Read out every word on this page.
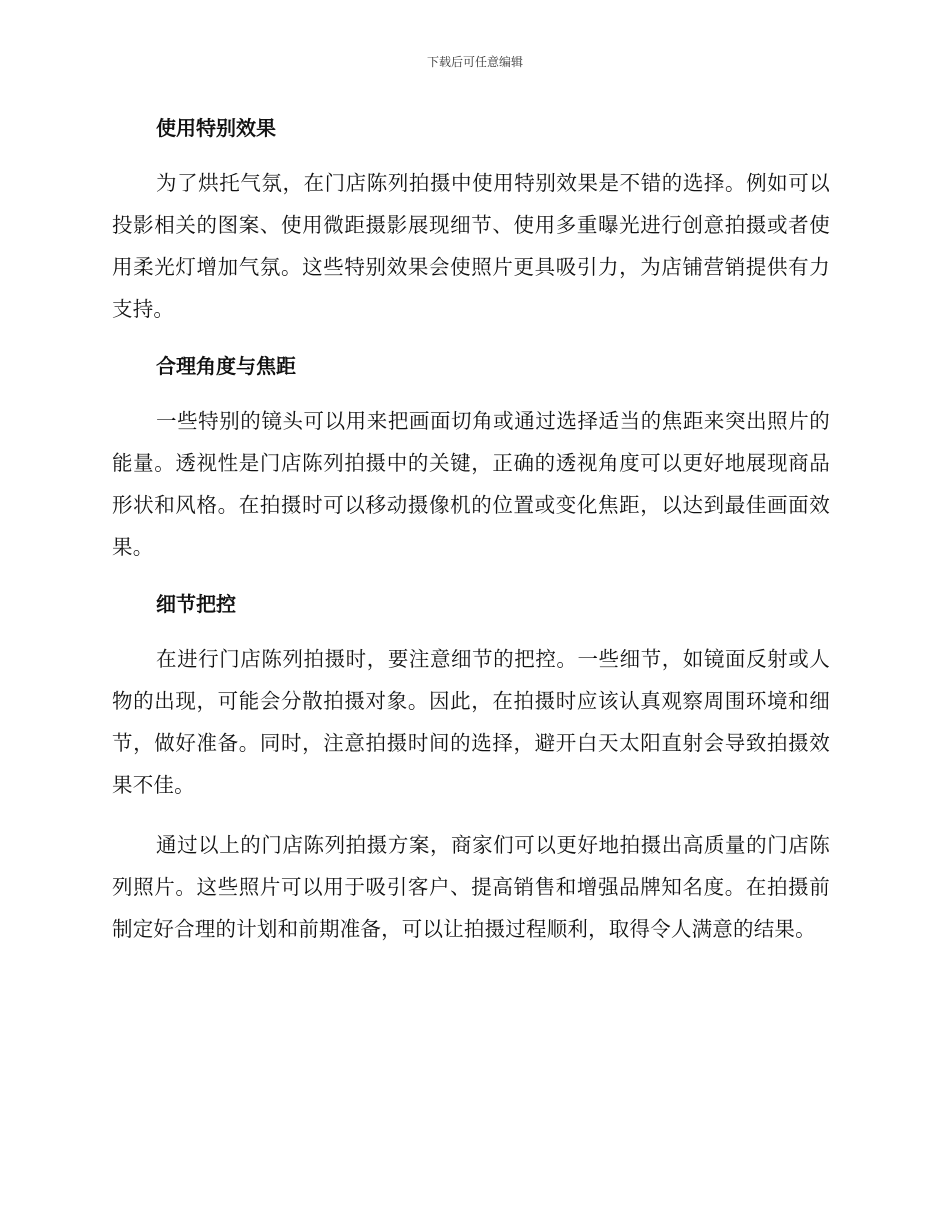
下载后可任意编辑
使用特别效果

为了烘托气氛，在门店陈列拍摄中使用特别效果是不错的选择。例如可以投影相关的图案、使用微距摄影展现细节、使用多重曝光进行创意拍摄或者使用柔光灯增加气氛。这些特别效果会使照片更具吸引力，为店铺营销提供有力支持。

合理角度与焦距

一些特别的镜头可以用来把画面切角或通过选择适当的焦距来突出照片的能量。透视性是门店陈列拍摄中的关键，正确的透视角度可以更好地展现商品形状和风格。在拍摄时可以移动摄像机的位置或变化焦距，以达到最佳画面效果。

细节把控

在进行门店陈列拍摄时，要注意细节的把控。一些细节，如镜面反射或人物的出现，可能会分散拍摄对象。因此，在拍摄时应该认真观察周围环境和细节，做好准备。同时，注意拍摄时间的选择，避开白天太阳直射会导致拍摄效果不佳。

通过以上的门店陈列拍摄方案，商家们可以更好地拍摄出高质量的门店陈列照片。这些照片可以用于吸引客户、提高销售和增强品牌知名度。在拍摄前制定好合理的计划和前期准备，可以让拍摄过程顺利，取得令人满意的结果。
